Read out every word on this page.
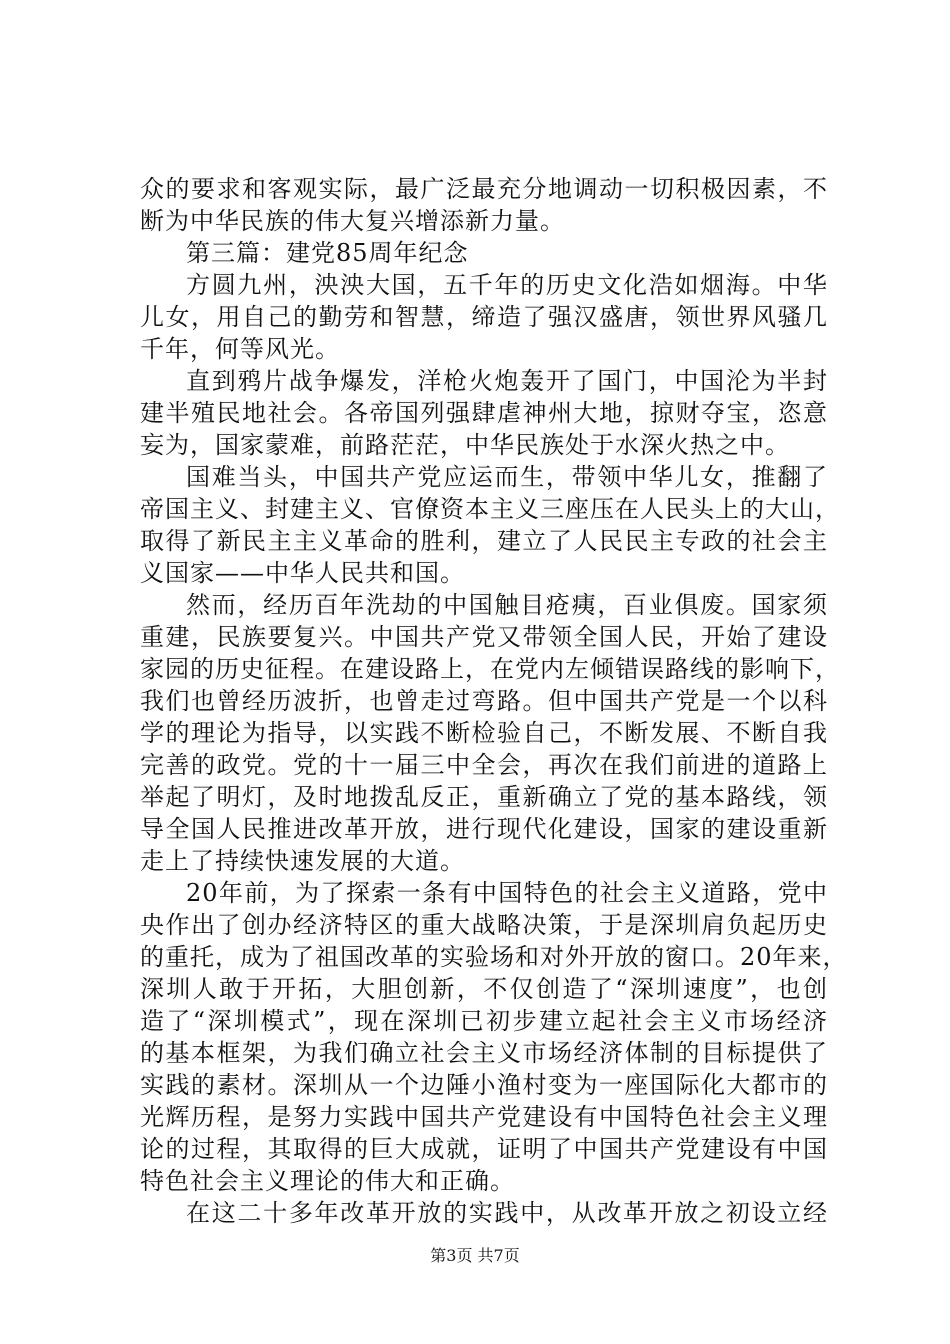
众的要求和客观实际，最广泛最充分地调动一切积极因素，不
断为中华民族的伟大复兴增添新力量。
第三篇：建党85周年纪念
方圆九州，泱泱大国，五千年的历史文化浩如烟海。中华
儿女，用自己的勤劳和智慧，缔造了强汉盛唐，领世界风骚几
千年，何等风光。
直到鸦片战争爆发，洋枪火炮轰开了国门，中国沦为半封
建半殖民地社会。各帝国列强肆虐神州大地，掠财夺宝，恣意
妄为，国家蒙难，前路茫茫，中华民族处于水深火热之中。
国难当头，中国共产党应运而生，带领中华儿女，推翻了
帝国主义、封建主义、官僚资本主义三座压在人民头上的大山，
取得了新民主主义革命的胜利，建立了人民民主专政的社会主
义国家——中华人民共和国。
然而，经历百年洗劫的中国触目疮痍，百业俱废。国家须
重建，民族要复兴。中国共产党又带领全国人民，开始了建设
家园的历史征程。在建设路上，在党内左倾错误路线的影响下，
我们也曾经历波折，也曾走过弯路。但中国共产党是一个以科
学的理论为指导，以实践不断检验自己，不断发展、不断自我
完善的政党。党的十一届三中全会，再次在我们前进的道路上
举起了明灯，及时地拨乱反正，重新确立了党的基本路线，领
导全国人民推进改革开放，进行现代化建设，国家的建设重新
走上了持续快速发展的大道。
20年前，为了探索一条有中国特色的社会主义道路，党中
央作出了创办经济特区的重大战略决策，于是深圳肩负起历史
的重托，成为了祖国改革的实验场和对外开放的窗口。20年来，
深圳人敢于开拓，大胆创新，不仅创造了“深圳速度”，也创
造了“深圳模式”，现在深圳已初步建立起社会主义市场经济
的基本框架，为我们确立社会主义市场经济体制的目标提供了
实践的素材。深圳从一个边陲小渔村变为一座国际化大都市的
光辉历程，是努力实践中国共产党建设有中国特色社会主义理
论的过程，其取得的巨大成就，证明了中国共产党建设有中国
特色社会主义理论的伟大和正确。
在这二十多年改革开放的实践中，从改革开放之初设立经
第3页 共7页
